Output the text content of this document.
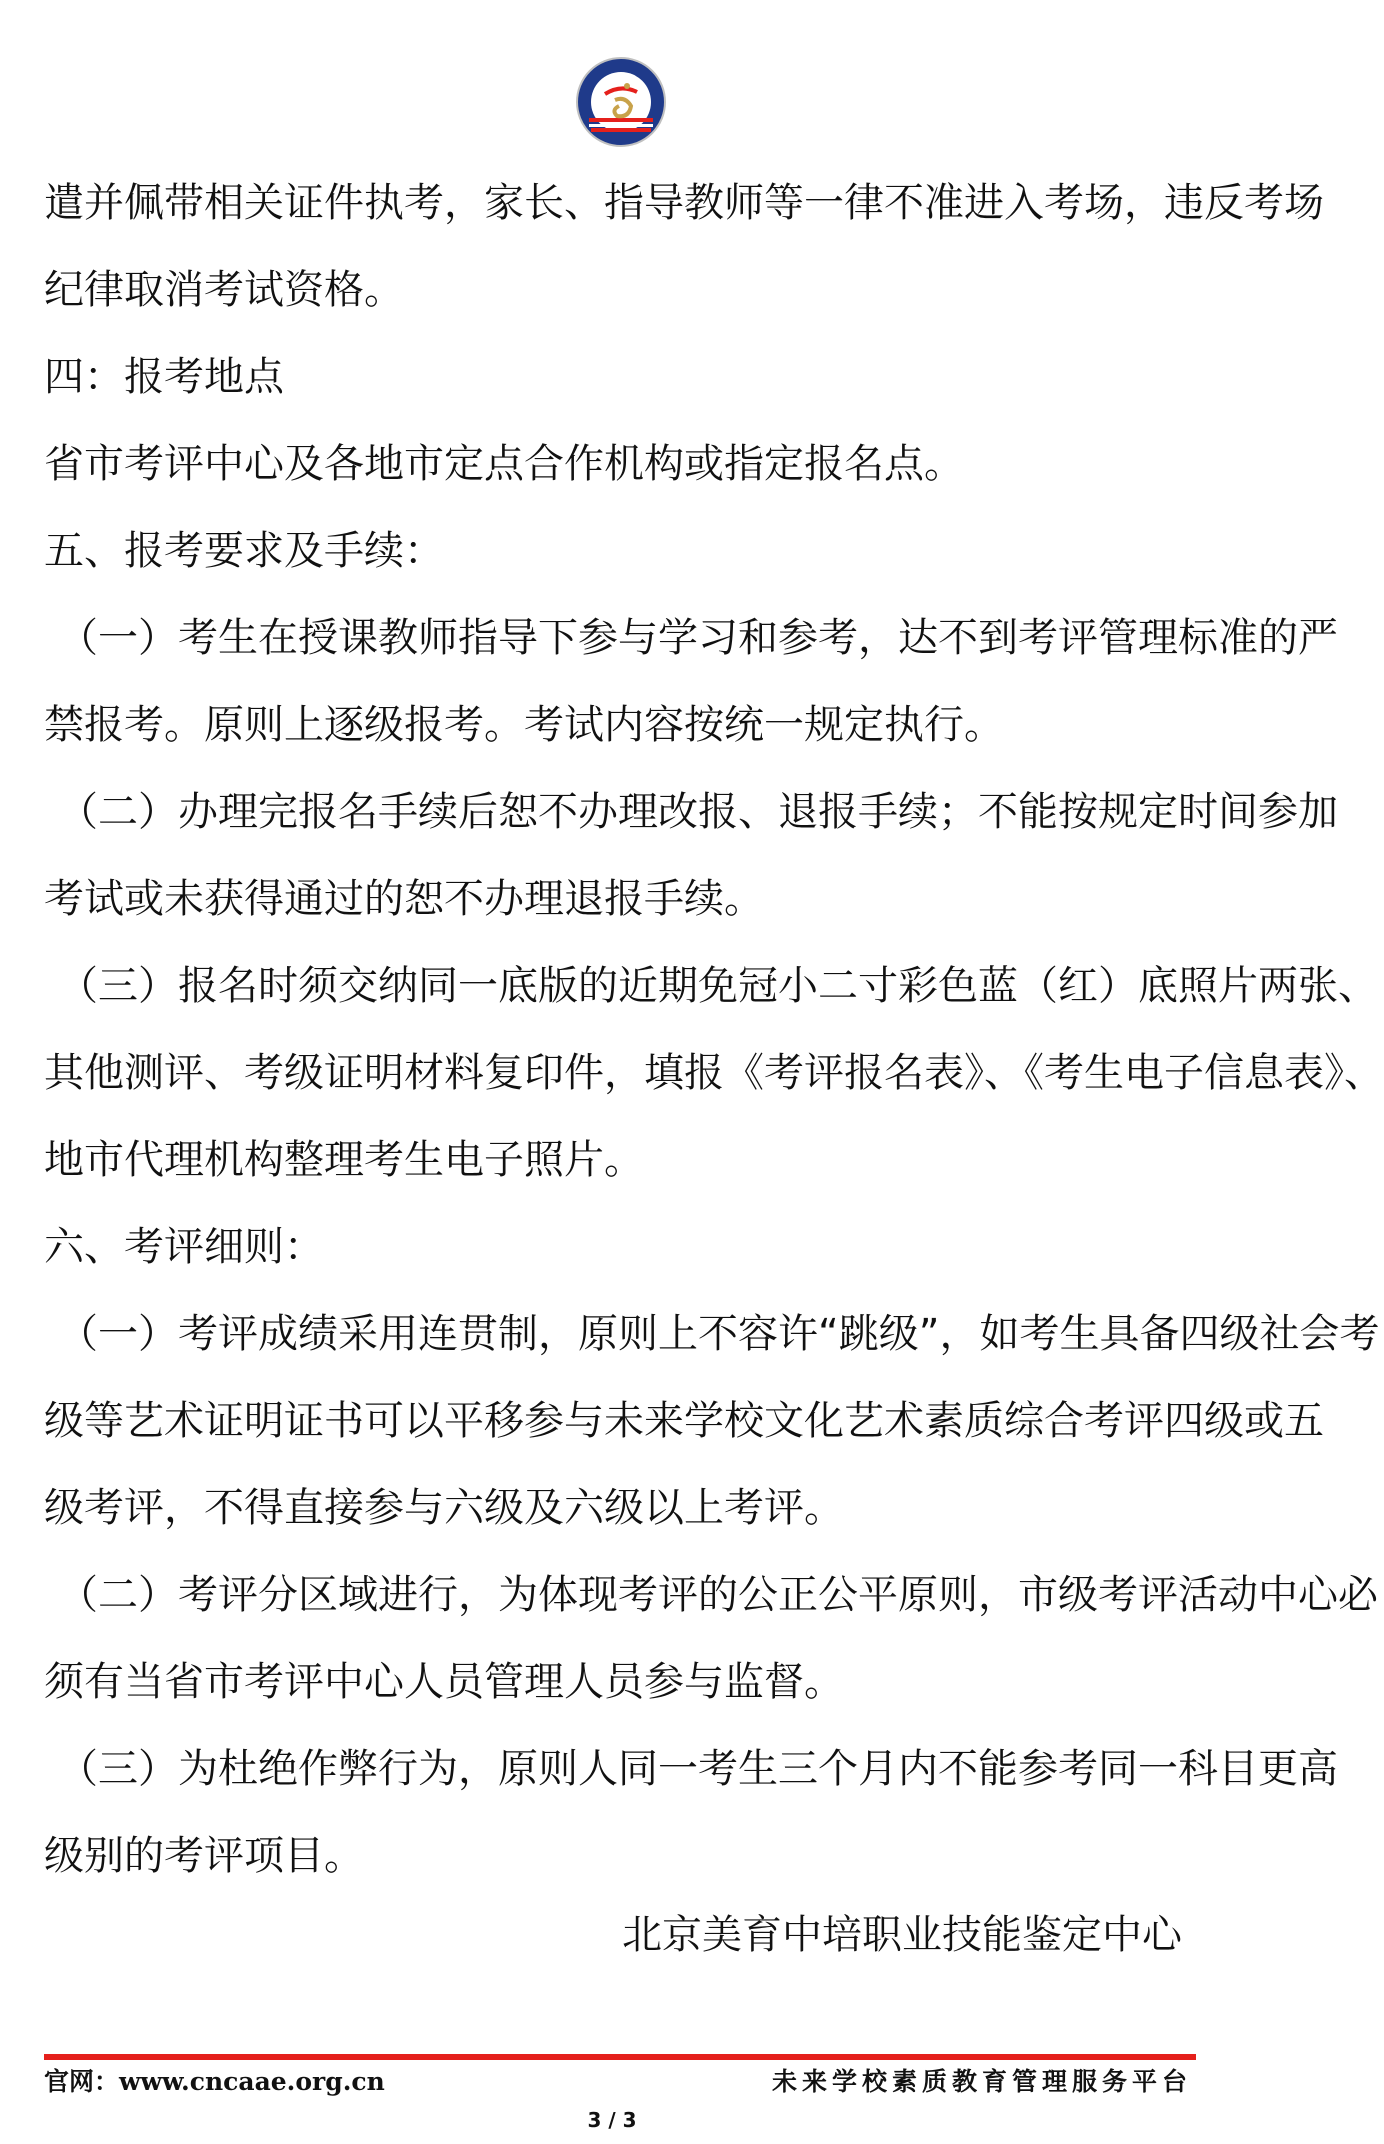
遣并佩带相关证件执考，家长、指导教师等一律不准进入考场，违反考场
纪律取消考试资格。
四：报考地点
省市考评中心及各地市定点合作机构或指定报名点。
五、报考要求及手续：
（一）考生在授课教师指导下参与学习和参考，达不到考评管理标准的严
禁报考。原则上逐级报考。考试内容按统一规定执行。
（二）办理完报名手续后恕不办理改报、退报手续；不能按规定时间参加
考试或未获得通过的恕不办理退报手续。
（三）报名时须交纳同一底版的近期免冠小二寸彩色蓝（红）底照片两张、
其他测评、考级证明材料复印件，填报《考评报名表》、《考生电子信息表》、
地市代理机构整理考生电子照片。
六、考评细则：
（一）考评成绩采用连贯制，原则上不容许“跳级”，如考生具备四级社会考
级等艺术证明证书可以平移参与未来学校文化艺术素质综合考评四级或五
级考评，不得直接参与六级及六级以上考评。
（二）考评分区域进行，为体现考评的公正公平原则，市级考评活动中心必
须有当省市考评中心人员管理人员参与监督。
（三）为杜绝作弊行为，原则人同一考生三个月内不能参考同一科目更高
级别的考评项目。
北京美育中培职业技能鉴定中心
官网：www.cncaae.org.cn	未来学校素质教育管理服务平台
3 / 3
